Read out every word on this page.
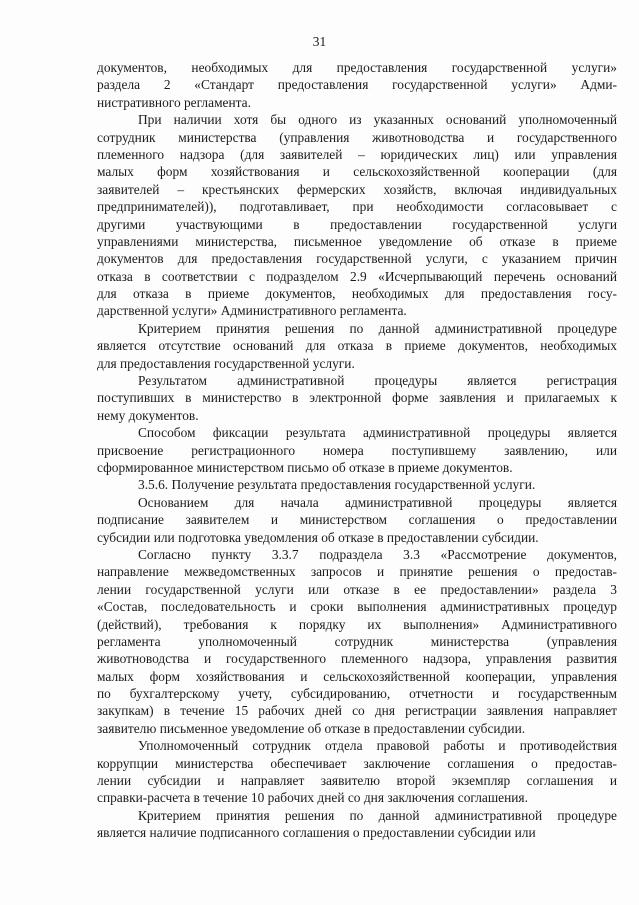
31
документов, необходимых для предоставления государственной услуги»
раздела 2 «Стандарт предоставления государственной услуги» Адми-
нистративного регламента.
При наличии хотя бы одного из указанных оснований уполномоченный
сотрудник министерства (управления животноводства и государственного
племенного надзора (для заявителей – юридических лиц) или управления
малых форм хозяйствования и сельскохозяйственной кооперации (для
заявителей – крестьянских фермерских хозяйств, включая индивидуальных
предпринимателей)), подготавливает, при необходимости согласовывает с
другими участвующими в предоставлении государственной услуги
управлениями министерства, письменное уведомление об отказе в приеме
документов для предоставления государственной услуги, с указанием причин
отказа в соответствии с подразделом 2.9 «Исчерпывающий перечень оснований
для отказа в приеме документов, необходимых для предоставления госу-
дарственной услуги» Административного регламента.
Критерием принятия решения по данной административной процедуре
является отсутствие оснований для отказа в приеме документов, необходимых
для предоставления государственной услуги.
Результатом административной процедуры является регистрация
поступивших в министерство в электронной форме заявления и прилагаемых к
нему документов.
Способом фиксации результата административной процедуры является
присвоение регистрационного номера поступившему заявлению, или
сформированное министерством письмо об отказе в приеме документов.
3.5.6. Получение результата предоставления государственной услуги.
Основанием для начала административной процедуры является
подписание заявителем и министерством соглашения о предоставлении
субсидии или подготовка уведомления об отказе в предоставлении субсидии.
Согласно пункту 3.3.7 подраздела 3.3 «Рассмотрение документов,
направление межведомственных запросов и принятие решения о предостав-
лении государственной услуги или отказе в ее предоставлении» раздела 3
«Состав, последовательность и сроки выполнения административных процедур
(действий), требования к порядку их выполнения» Административного
регламента уполномоченный сотрудник министерства (управления
животноводства и государственного племенного надзора, управления развития
малых форм хозяйствования и сельскохозяйственной кооперации, управления
по бухгалтерскому учету, субсидированию, отчетности и государственным
закупкам) в течение 15 рабочих дней со дня регистрации заявления направляет
заявителю письменное уведомление об отказе в предоставлении субсидии.
Уполномоченный сотрудник отдела правовой работы и противодействия
коррупции министерства обеспечивает заключение соглашения о предостав-
лении субсидии и направляет заявителю второй экземпляр соглашения и
справки-расчета в течение 10 рабочих дней со дня заключения соглашения.
Критерием принятия решения по данной административной процедуре
является наличие подписанного соглашения о предоставлении субсидии или
